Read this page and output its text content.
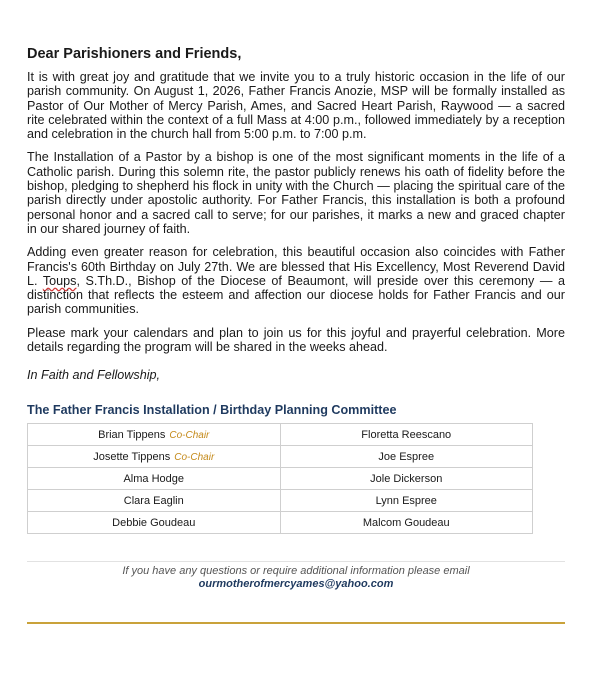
Dear Parishioners and Friends,

It is with great joy and gratitude that we invite you to a truly historic occasion in the life of our parish community. On August 1, 2026, Father Francis Anozie, MSP will be formally installed as Pastor of Our Mother of Mercy Parish, Ames, and Sacred Heart Parish, Raywood — a sacred rite celebrated within the context of a full Mass at 4:00 p.m., followed immediately by a reception and celebration in the church hall from 5:00 p.m. to 7:00 p.m.

The Installation of a Pastor by a bishop is one of the most significant moments in the life of a Catholic parish. During this solemn rite, the pastor publicly renews his oath of fidelity before the bishop, pledging to shepherd his flock in unity with the Church — placing the spiritual care of the parish directly under apostolic authority. For Father Francis, this installation is both a profound personal honor and a sacred call to serve; for our parishes, it marks a new and graced chapter in our shared journey of faith.

Adding even greater reason for celebration, this beautiful occasion also coincides with Father Francis's 60th Birthday on July 27th. We are blessed that His Excellency, Most Reverend David L. Toups, S.Th.D., Bishop of the Diocese of Beaumont, will preside over this ceremony — a distinction that reflects the esteem and affection our diocese holds for Father Francis and our parish communities.

Please mark your calendars and plan to join us for this joyful and prayerful celebration. More details regarding the program will be shared in the weeks ahead.

In Faith and Fellowship,
The Father Francis Installation / Birthday Planning Committee
Brian Tippens Co-Chair	Floretta Reescano
Josette Tippens Co-Chair	Joe Espree
Alma Hodge	Jole Dickerson
Clara Eaglin	Lynn Espree
Debbie Goudeau	Malcom Goudeau
If you have any questions or require additional information please email
ourmotherofmercyames@yahoo.com
